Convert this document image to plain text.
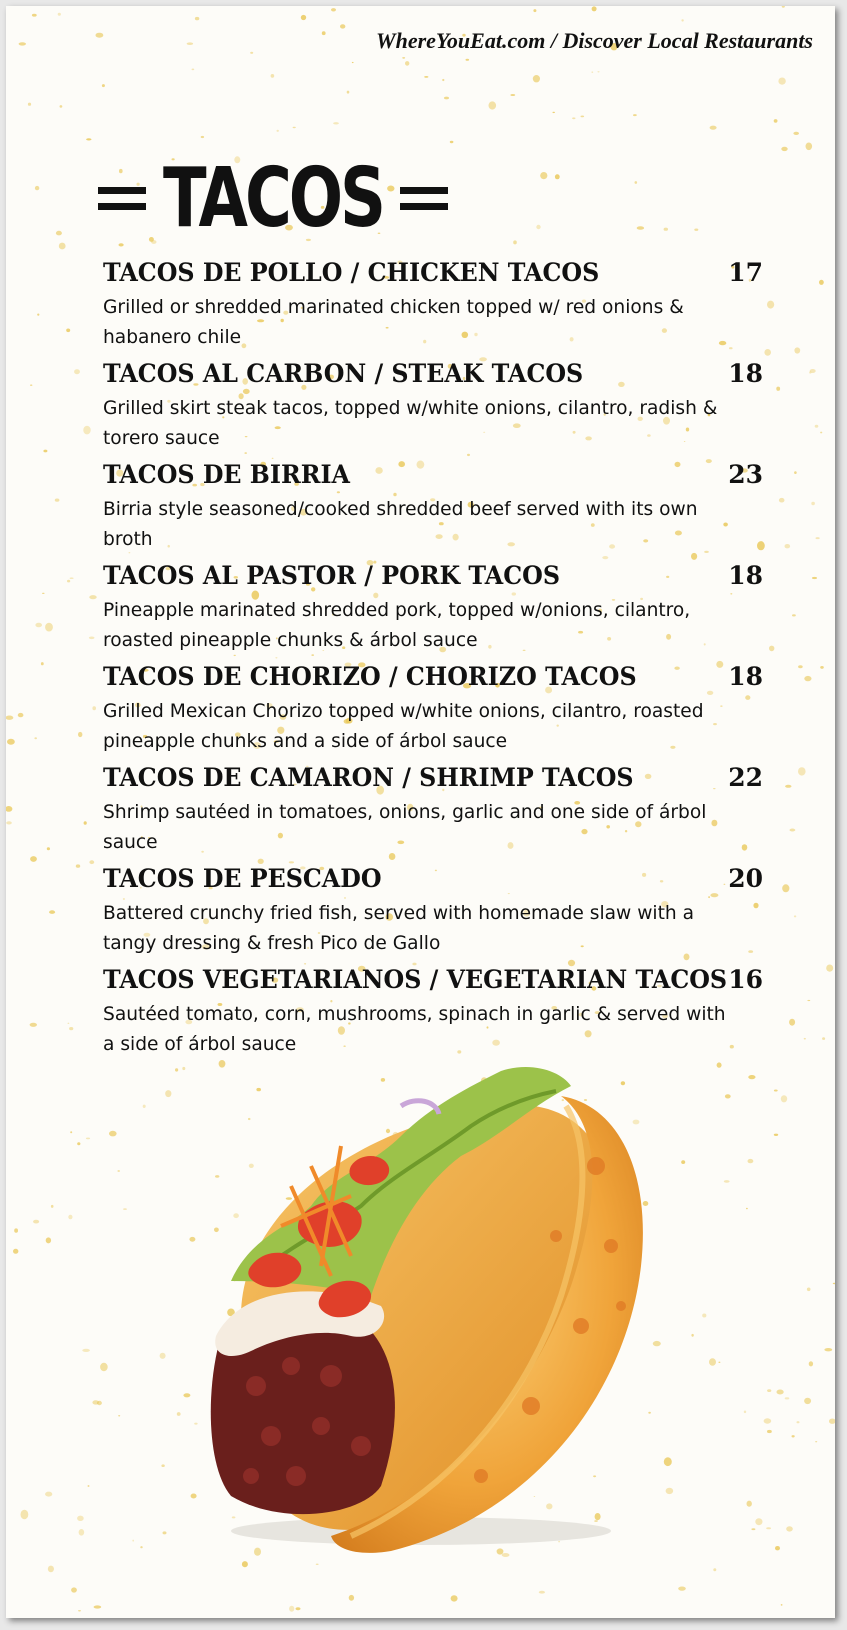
WhereYouEat.com / Discover Local Restaurants
TACOS
TACOS DE POLLO / CHICKEN TACOS	17
Grilled or shredded marinated chicken topped w/ red onions & habanero chile
TACOS AL CARBON / STEAK TACOS	18
Grilled skirt steak tacos, topped w/white onions, cilantro, radish & torero sauce
TACOS DE BIRRIA	23
Birria style seasoned/cooked shredded beef served with its own broth
TACOS AL PASTOR / PORK TACOS	18
Pineapple marinated shredded pork, topped w/onions, cilantro, roasted pineapple chunks & árbol sauce
TACOS DE CHORIZO / CHORIZO TACOS	18
Grilled Mexican Chorizo topped w/white onions, cilantro, roasted pineapple chunks and a side of árbol sauce
TACOS DE CAMARON / SHRIMP TACOS	22
Shrimp sautéed in tomatoes, onions, garlic and one side of árbol sauce
TACOS DE PESCADO	20
Battered crunchy fried fish, served with homemade slaw with a tangy dressing & fresh Pico de Gallo
TACOS VEGETARIANOS / VEGETARIAN TACOS 16
Sautéed tomato, corn, mushrooms, spinach in garlic & served with a side of árbol sauce
